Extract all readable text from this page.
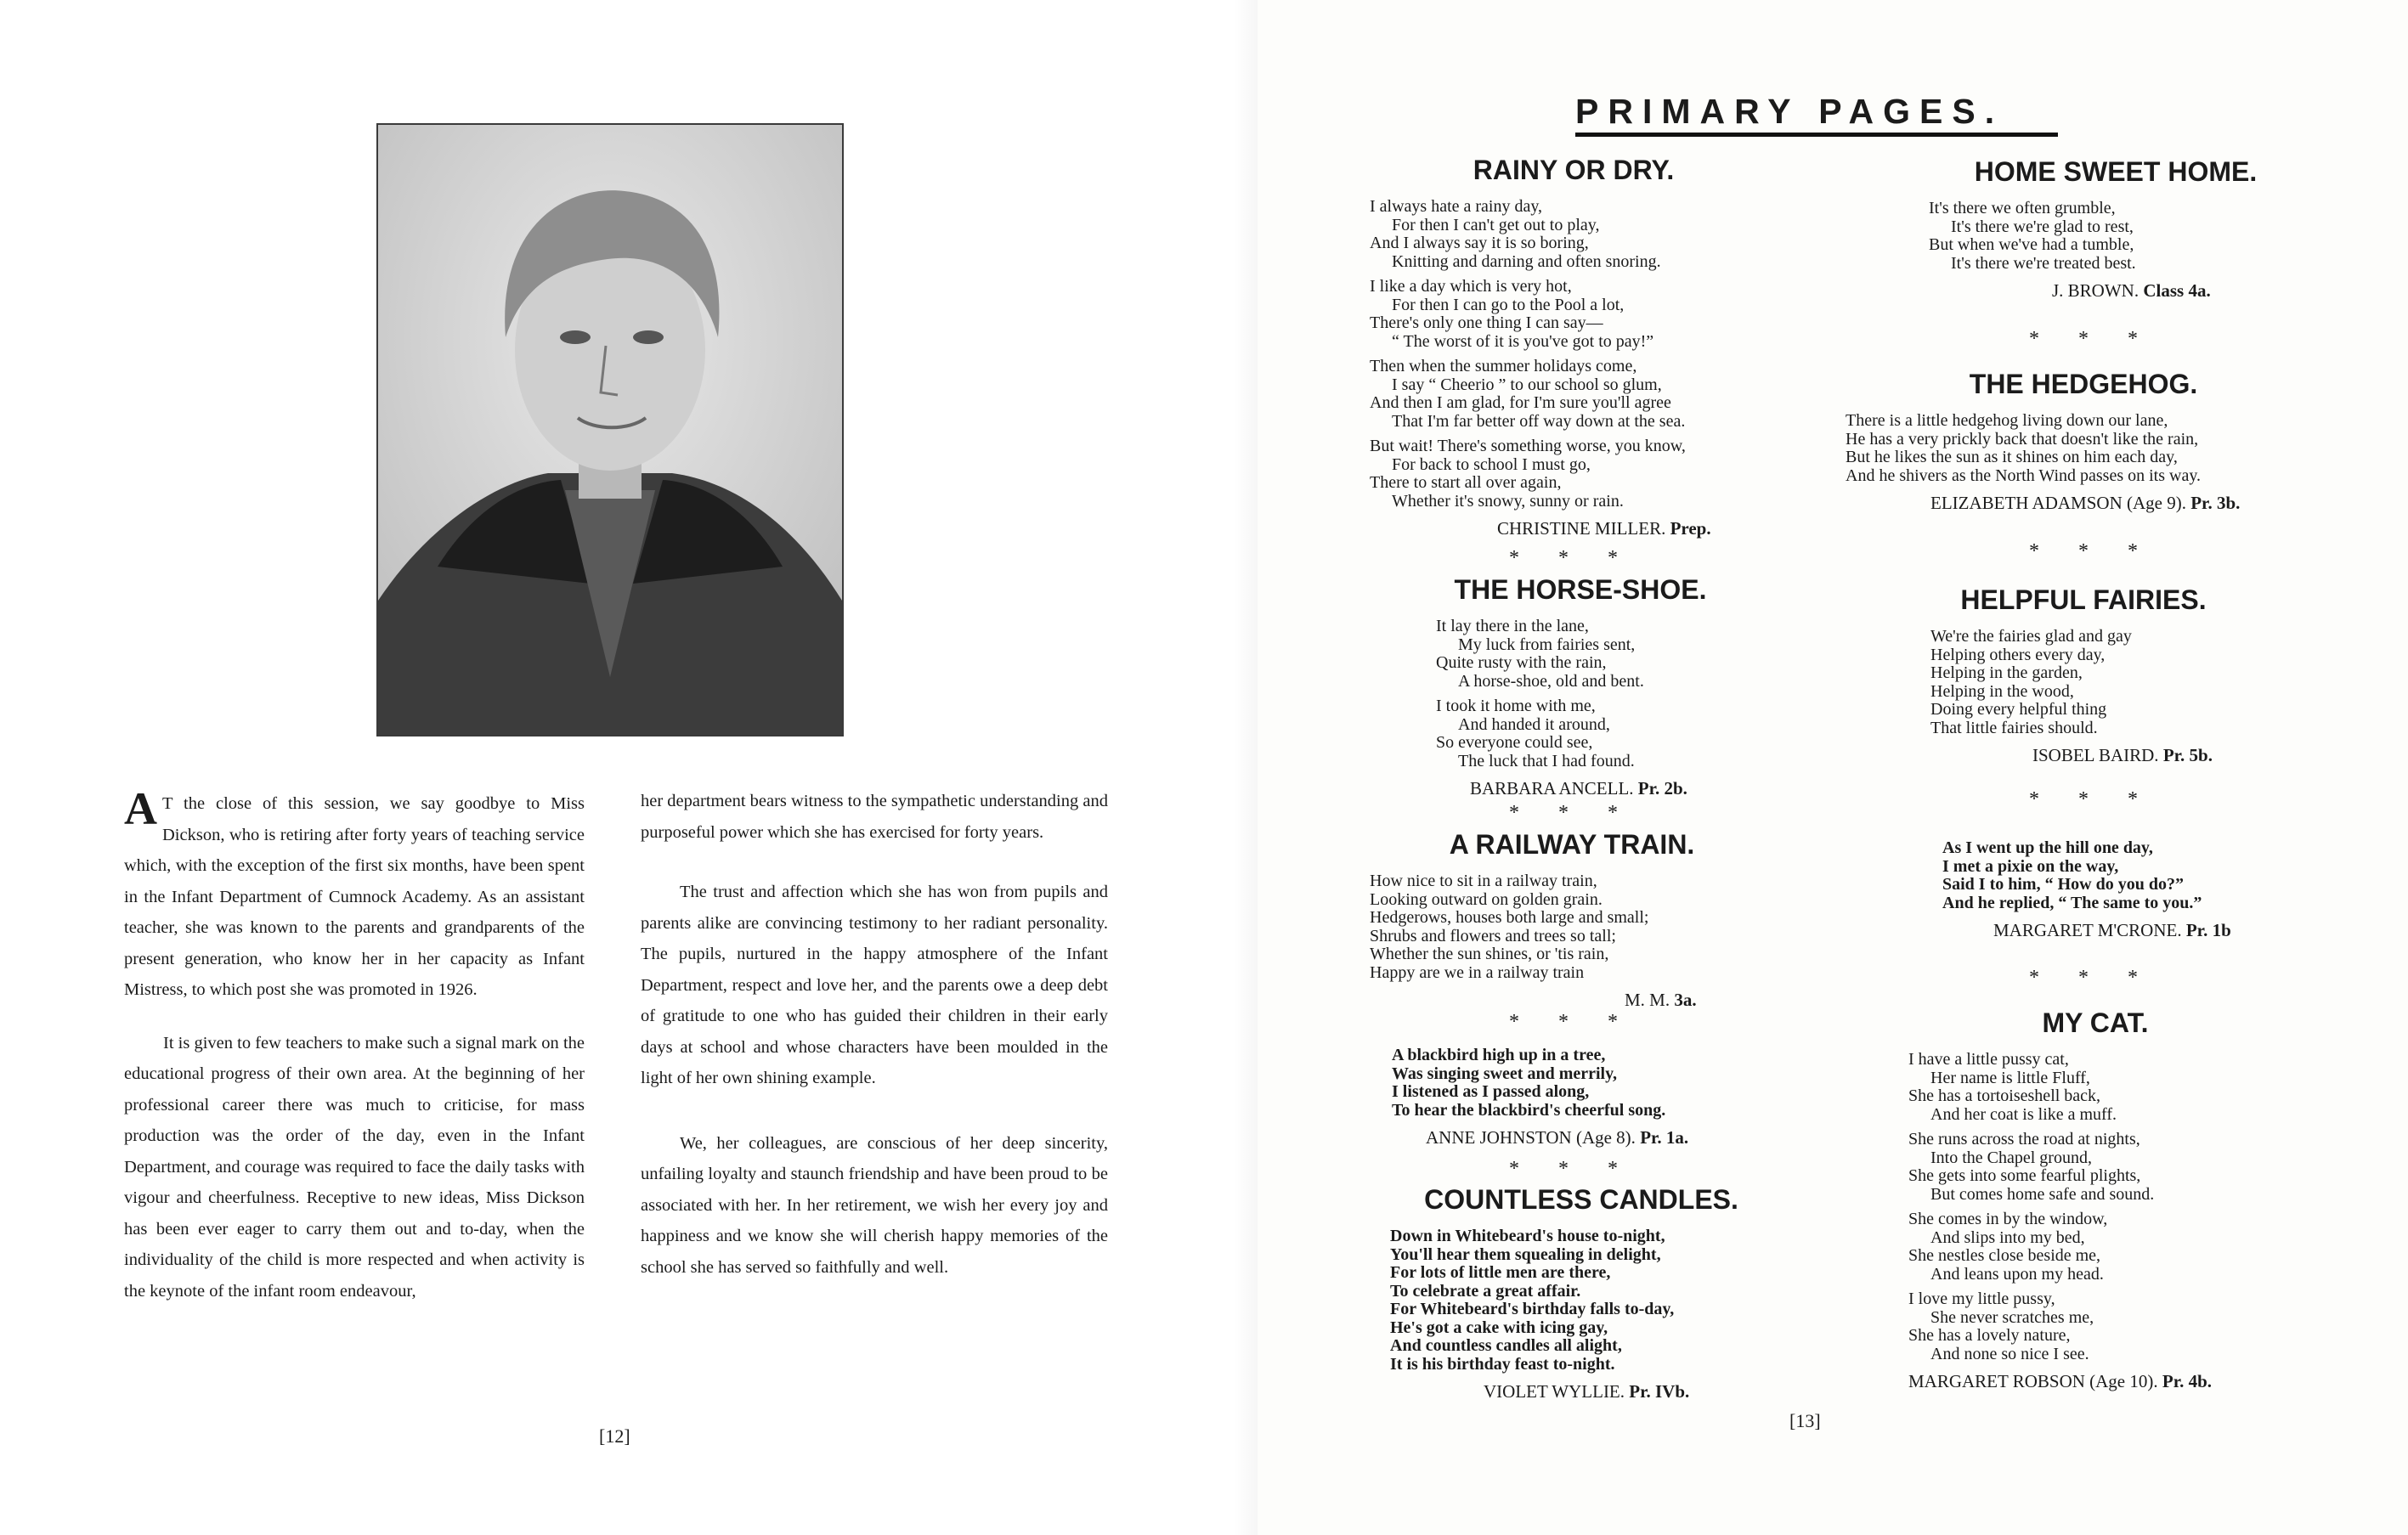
A T the close of this session, we say goodbye to Miss Dickson, who is retiring after forty years of teaching service which, with the exception of the first six months, have been spent in the Infant Department of Cumnock Academy. As an assistant teacher, she was known to the parents and grandparents of the present generation, who know her in her capacity as Infant Mistress, to which post she was promoted in 1926.

It is given to few teachers to make such a signal mark on the educational progress of their own area. At the beginning of her professional career there was much to criticise, for mass production was the order of the day, even in the Infant Department, and courage was required to face the daily tasks with vigour and cheerfulness. Receptive to new ideas, Miss Dickson has been ever eager to carry them out and to-day, when the individuality of the child is more respected and when activity is the keynote of the infant room endeavour,

her department bears witness to the sympathetic understanding and purposeful power which she has exercised for forty years.

The trust and affection which she has won from pupils and parents alike are convincing testimony to her radiant personality. The pupils, nurtured in the happy atmosphere of the Infant Department, respect and love her, and the parents owe a deep debt of gratitude to one who has guided their children in their early days at school and whose characters have been moulded in the light of her own shining example.

We, her colleagues, are conscious of her deep sincerity, unfailing loyalty and staunch friendship and have been proud to be associated with her. In her retirement, we wish her every joy and happiness and we know she will cherish happy memories of the school she has served so faithfully and well.

[12]
PRIMARY PAGES.
RAINY OR DRY.
I always hate a rainy day,
For then I can't get out to play,
And I always say it is so boring,
Knitting and darning and often snoring.
I like a day which is very hot,
For then I can go to the Pool a lot,
There's only one thing I can say—
“ The worst of it is you've got to pay!”
Then when the summer holidays come,
I say “ Cheerio ” to our school so glum,
And then I am glad, for I'm sure you'll agree
That I'm far better off way down at the sea.
But wait! There's something worse, you know,
For back to school I must go,
There to start all over again,
Whether it's snowy, sunny or rain.
CHRISTINE MILLER. Prep.
* * *
THE HORSE-SHOE.
It lay there in the lane,
My luck from fairies sent,
Quite rusty with the rain,
A horse-shoe, old and bent.
I took it home with me,
And handed it around,
So everyone could see,
The luck that I had found.
BARBARA ANCELL. Pr. 2b.
* * *
A RAILWAY TRAIN.
How nice to sit in a railway train,
Looking outward on golden grain.
Hedgerows, houses both large and small;
Shrubs and flowers and trees so tall;
Whether the sun shines, or 'tis rain,
Happy are we in a railway train
M. M. 3a.
* * *
A blackbird high up in a tree,
Was singing sweet and merrily,
I listened as I passed along,
To hear the blackbird's cheerful song.
ANNE JOHNSTON (Age 8). Pr. 1a.
* * *
COUNTLESS CANDLES.
Down in Whitebeard's house to-night,
You'll hear them squealing in delight,
For lots of little men are there,
To celebrate a great affair.
For Whitebeard's birthday falls to-day,
He's got a cake with icing gay,
And countless candles all alight,
It is his birthday feast to-night.
VIOLET WYLLIE. Pr. IVb.
HOME SWEET HOME.
It's there we often grumble,
It's there we're glad to rest,
But when we've had a tumble,
It's there we're treated best.
J. BROWN. Class 4a.
* * *
THE HEDGEHOG.
There is a little hedgehog living down our lane,
He has a very prickly back that doesn't like the rain,
But he likes the sun as it shines on him each day,
And he shivers as the North Wind passes on its way.
ELIZABETH ADAMSON (Age 9). Pr. 3b.
* * *
HELPFUL FAIRIES.
We're the fairies glad and gay
Helping others every day,
Helping in the garden,
Helping in the wood,
Doing every helpful thing
That little fairies should.
ISOBEL BAIRD. Pr. 5b.
* * *
As I went up the hill one day,
I met a pixie on the way,
Said I to him, “ How do you do?”
And he replied, “ The same to you.”
MARGARET M'CRONE. Pr. 1b
* * *
MY CAT.
I have a little pussy cat,
Her name is little Fluff,
She has a tortoiseshell back,
And her coat is like a muff.
She runs across the road at nights,
Into the Chapel ground,
She gets into some fearful plights,
But comes home safe and sound.
She comes in by the window,
And slips into my bed,
She nestles close beside me,
And leans upon my head.
I love my little pussy,
She never scratches me,
She has a lovely nature,
And none so nice I see.
MARGARET ROBSON (Age 10). Pr. 4b.
[13]
